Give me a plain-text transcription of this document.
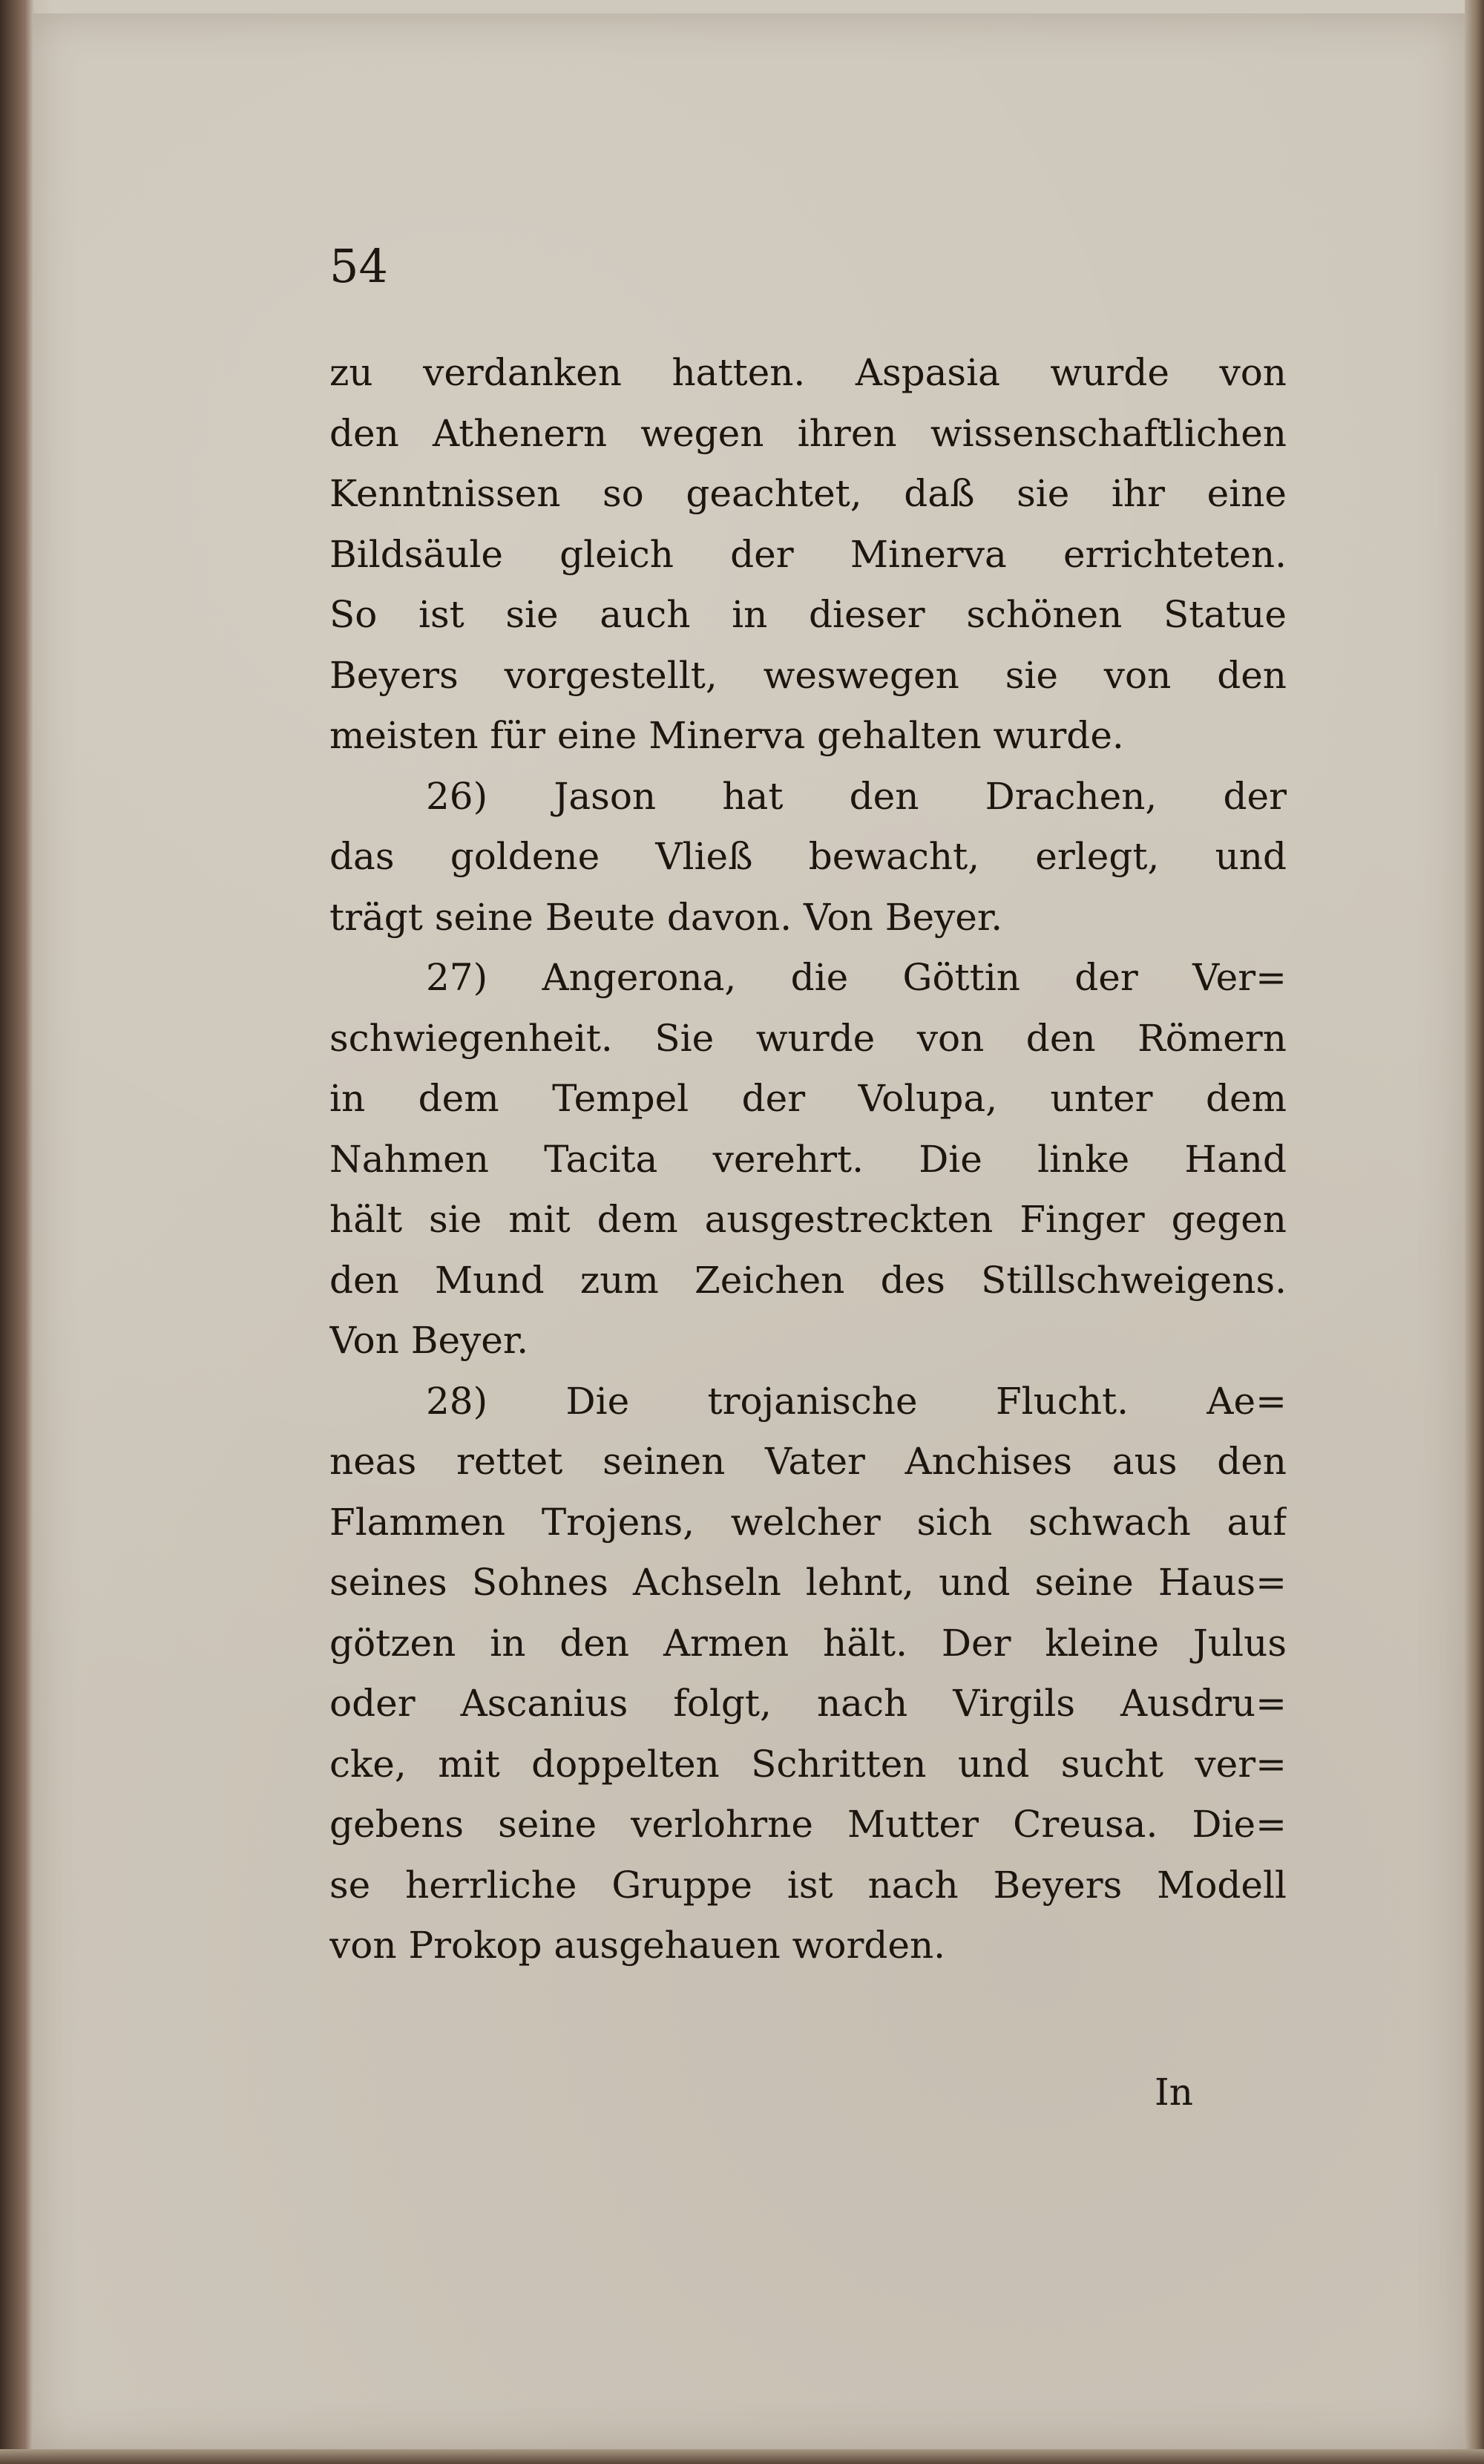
54
zu verdanken hatten. Aspasia wurde von
den Athenern wegen ihren wissenschaftlichen
Kenntnissen so geachtet, daß sie ihr eine
Bildsäule gleich der Minerva errichteten.
So ist sie auch in dieser schönen Statue
Beyers vorgestellt, weswegen sie von den
meisten für eine Minerva gehalten wurde.
26) Jason hat den Drachen, der
das goldene Vließ bewacht, erlegt, und
trägt seine Beute davon. Von Beyer.
27) Angerona, die Göttin der Ver=
schwiegenheit. Sie wurde von den Römern
in dem Tempel der Volupa, unter dem
Nahmen Tacita verehrt. Die linke Hand
hält sie mit dem ausgestreckten Finger gegen
den Mund zum Zeichen des Stillschweigens.
Von Beyer.
28) Die trojanische Flucht. Ae=
neas rettet seinen Vater Anchises aus den
Flammen Trojens, welcher sich schwach auf
seines Sohnes Achseln lehnt, und seine Haus=
götzen in den Armen hält. Der kleine Julus
oder Ascanius folgt, nach Virgils Ausdru=
cke, mit doppelten Schritten und sucht ver=
gebens seine verlohrne Mutter Creusa. Die=
se herrliche Gruppe ist nach Beyers Modell
von Prokop ausgehauen worden.
In
